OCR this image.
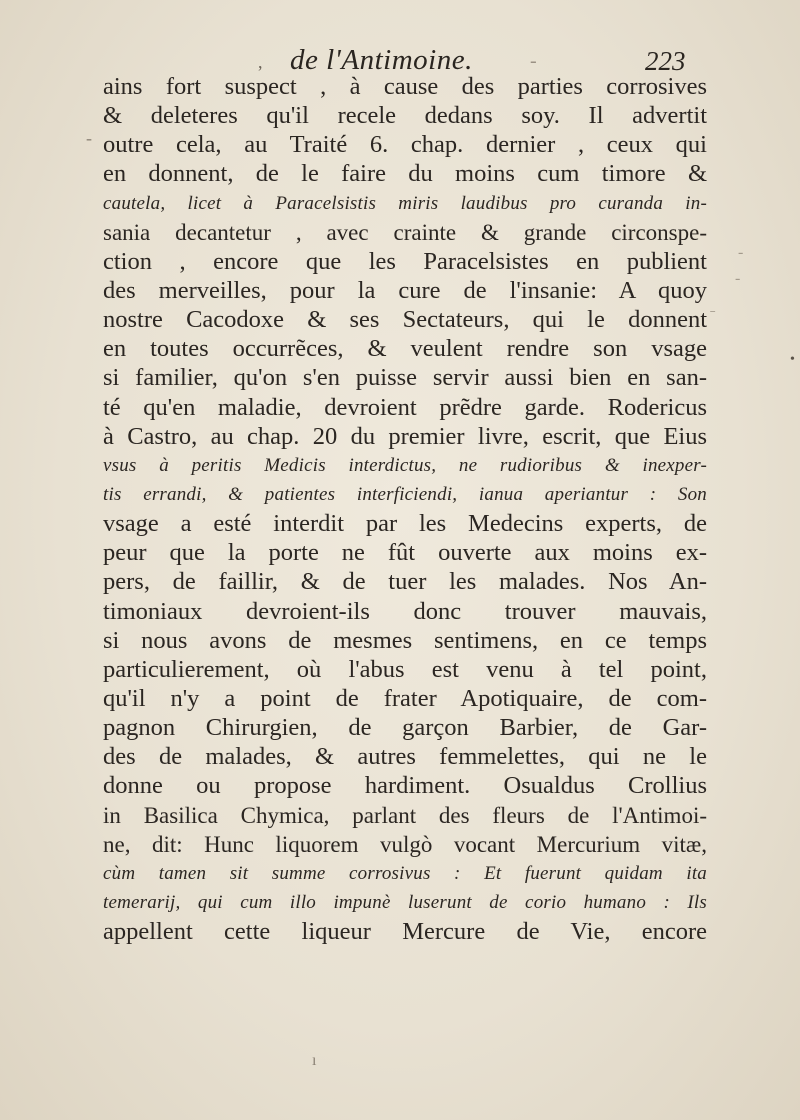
, de l'Antimoine.	-	223
ains fort suspect , à cause des parties corrosives
& deleteres qu'il recele dedans soy. Il advertit
outre cela, au Traité 6. chap. dernier , ceux qui
en donnent, de le faire du moins cum timore &
cautela, licet à Paracelsistis miris laudibus pro curanda in-
sania decantetur , avec crainte & grande circonspe-
ction , encore que les Paracelsistes en publient
des merveilles, pour la cure de l'insanie: A quoy
nostre Cacodoxe & ses Sectateurs, qui le donnent
en toutes occurrẽces, & veulent rendre son vsage
si familier, qu'on s'en puisse servir aussi bien en san-
té qu'en maladie, devroient prẽdre garde. Rodericus
à Castro, au chap. 20 du premier livre, escrit, que Eius
vsus à peritis Medicis interdictus, ne rudioribus & inexper-
tis errandi, & patientes interficiendi, ianua aperiantur : Son
vsage a esté interdit par les Medecins experts, de
peur que la porte ne fût ouverte aux moins ex-
pers, de faillir, & de tuer les malades. Nos An-
timoniaux devroient-ils donc trouver mauvais,
si nous avons de mesmes sentimens, en ce temps
particulierement, où l'abus est venu à tel point,
qu'il n'y a point de frater Apotiquaire, de com-
pagnon Chirurgien, de garçon Barbier, de Gar-
des de malades, & autres femmelettes, qui ne le
donne ou propose hardiment. Osualdus Crollius
in Basilica Chymica, parlant des fleurs de l'Antimoi-
ne, dit: Hunc liquorem vulgò vocant Mercurium vitæ,
cùm tamen sit summe corrosivus : Et fuerunt quidam ita
temerarij, qui cum illo impunè luserunt de corio humano : Ils
appellent cette liqueur Mercure de Vie, encore
-
•
-
-
ˉ
ı
